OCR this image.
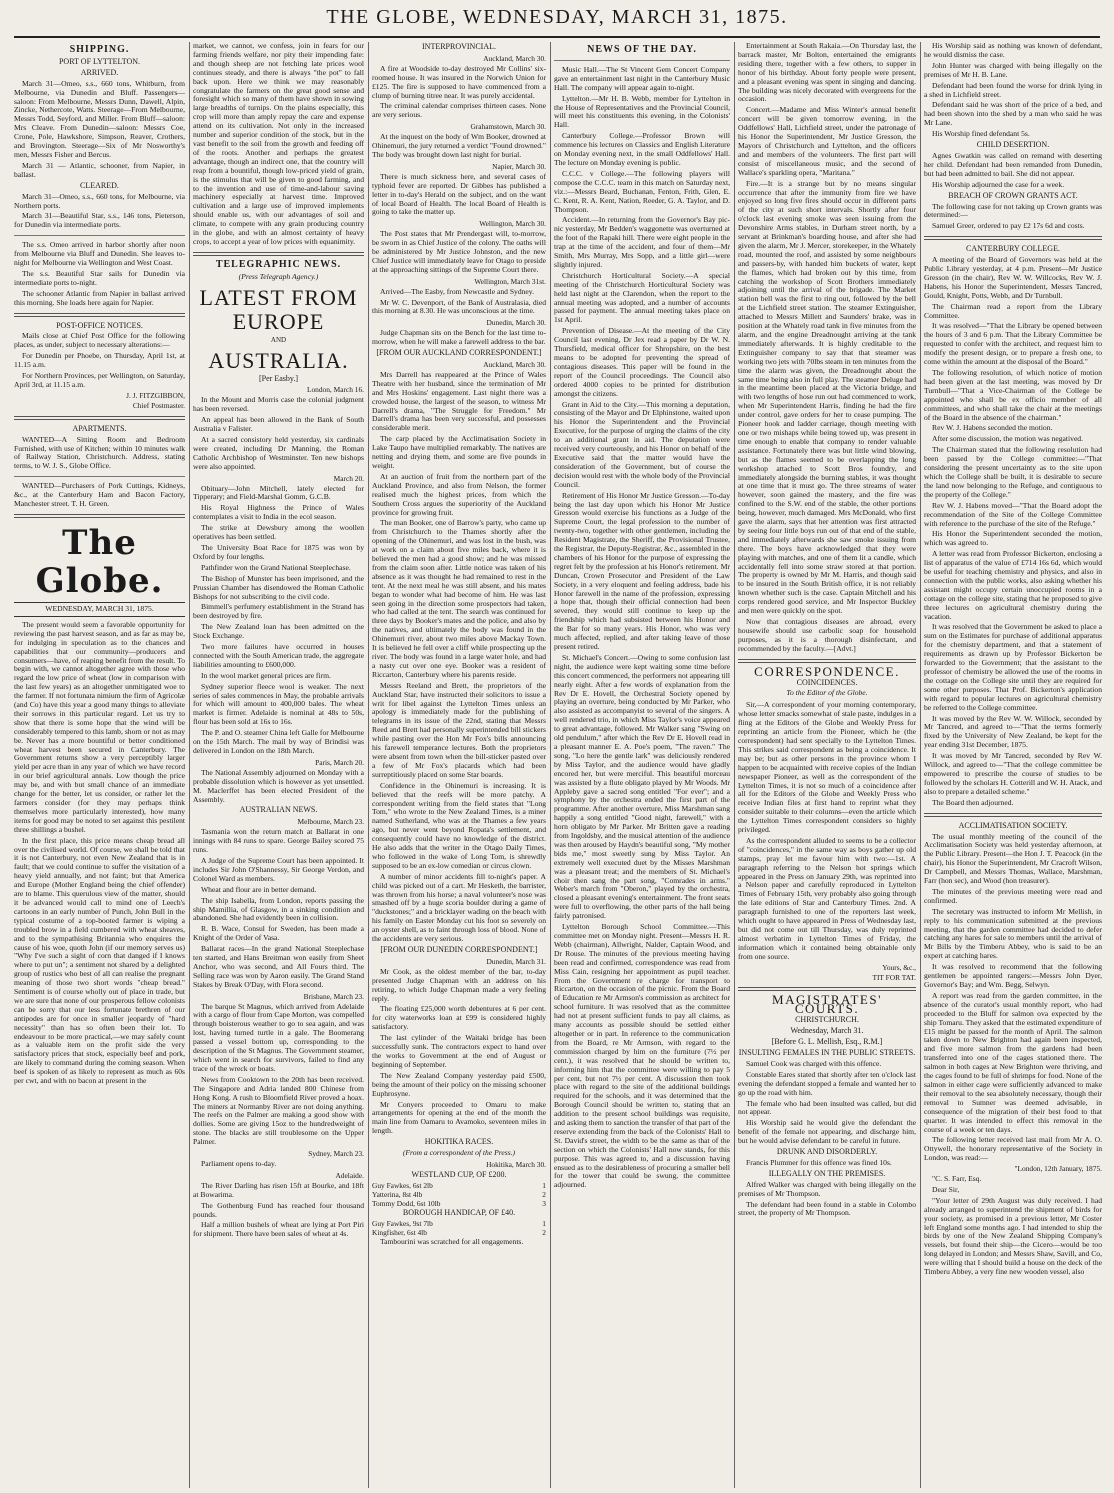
THE GLOBE, WEDNESDAY, MARCH 31, 1875.
SHIPPING.
PORT OF LYTTELTON.
ARRIVED.

March 31—Omeo, s.s., 660 tons, Whitburn, from Melbourne, via Dunedin and Bluff. Passengers—saloon: From Melbourne, Messrs Dunn, Dawell, Alpin, Zincke, Nethercote, Watts. Steerage—From Melbourne, Messrs Todd, Seyford, and Miller. From Bluff—saloon: Mrs Cleave. From Dunedin—saloon: Messrs Coe, Crone, Pole, Hawkshore, Simpson, Reaver, Crothers, and Brovington. Steerage—Six of Mr Nosworthy's men, Messrs Fisher and Bercus.

March 31 — Atlantic, schooner, from Napier, in ballast.

CLEARED.

March 31—Omeo, s.s., 660 tons, for Melbourne, via Northern ports.

March 31—Beautiful Star, s.s., 146 tons, Pieterson, for Dunedin via intermediate ports.

The s.s. Omeo arrived in harbor shortly after noon from Melbourne via Bluff and Dunedin. She leaves to-night for Melbourne via Wellington and West Coast.

The s.s. Beautiful Star sails for Dunedin via intermediate ports to-night.

The schooner Atlantic from Napier in ballast arrived this morning. She loads here again for Napier.

POST-OFFICE NOTICES.

Mails close at Chief Post Office for the following places, as under, subject to necessary alterations:—

For Dunedin per Phoebe, on Thursday, April 1st, at 11.15 a.m.

For Northern Provinces, per Wellington, on Saturday, April 3rd, at 11.15 a.m.

J. J. FITZGIBBON,
Chief Postmaster.
APARTMENTS.

WANTED—A Sitting Room and Bedroom Furnished, with use of Kitchen; within 10 minutes walk of Railway Station, Christchurch. Address, stating terms, to W. J. S., Globe Office.

WANTED—Purchasers of Pork Cuttings, Kidneys, &c., at the Canterbury Ham and Bacon Factory, Manchester street. T. H. Green.

The Globe.
WEDNESDAY, MARCH 31, 1875.

The present would seem a favorable opportunity for reviewing the past harvest season, and as far as may be, for indulging in speculation as to the chances and capabilities that our community—producers and consumers—have, of reaping benefit from the result. To begin with, we cannot altogether agree with those who regard the low price of wheat (low in comparison with the last few years) as an altogether unmitigated woe to the farmer. If not fortunata nimium the firm of Agricolæ (and Co) have this year a good many things to alleviate their sorrows in this particular regard. Let us try to show that there is some hope that the wind will be considerably tempered to this lamb, shorn or not as may be. Never has a more bountiful or better conditioned wheat harvest been secured in Canterbury. The Government returns show a very perceptibly larger yield per acre than in any year of which we have record in our brief agricultural annals. Low though the price may be, and with but small chance of an immediate change for the better, let us consider, or rather let the farmers consider (for they may perhaps think themselves more particularly interested), how many items for good may be noted to set against this pestilent three shillings a bushel.

In the first place, this price means cheap bread all over the civilised world. Of course, we shall be told that it is not Canterbury, not even New Zealand that is in fault; that we could continue to suffer the visitation of a heavy yield annually, and not faint; but that America and Europe (Mother England being the chief offender) are to blame. This querulous view of the matter, should it be advanced would call to mind one of Leech's cartoons in an early number of Punch, John Bull in the typical costume of a top-booted farmer is wiping a troubled brow in a field cumbered with wheat sheaves, and to the sympathising Britannia who enquires the cause of his woe, quoth John (if our memory serves us) "Why I've such a sight of corn that danged if I knows where to put un"; a sentiment not shared by a delighted group of rustics who best of all can realise the pregnant meaning of those two short words "cheap bread." Sentiment is of course wholly out of place in trade, but we are sure that none of our prosperous fellow colonists can be sorry that our less fortunate brethren of our antipodes are for once in smaller jeopardy of "hard necessity" than has so often been their lot. To endeavour to be more practical,—we may safely count as a valuable item on the profit side the very satisfactory prices that stock, especially beef and pork, are likely to command during the coming season. When beef is spoken of as likely to represent as much as 60s per cwt, and with no bacon at present in the

market, we cannot, we confess, join in fears for our farming friends welfare, nor pity their impending fate: and though sheep are not fetching late prices wool continues steady, and there is always "the pot" to fall back upon. Here we think we may reasonably congratulate the farmers on the great good sense and foresight which so many of them have shown in sowing large breadths of turnips. On the plains especially, this crop will more than amply repay the care and expense attend on its cultivation. Not only in the increased number and superior condition of the stock, but in the vast benefit to the soil from the growth and feeding off of the roots. Another and perhaps the greatest advantage, though an indirect one, that the country will reap from a bountiful, though low-priced yield of grain, is the stimulus that will be given to good farming, and to the invention and use of time-and-labour saving machinery especially at harvest time. Improved cultivation and a large use of improved implements should enable us, with our advantages of soil and climate, to compete with any grain producing country in the globe, and with an almost certainty of heavy crops, to accept a year of low prices with equanimity.

TELEGRAPHIC NEWS.
(Press Telegraph Agency.)
LATEST FROM EUROPE
AND
AUSTRALIA.
[Per Easby.]
London, March 16.

In the Mount and Morris case the colonial judgment has been reversed.

An appeal has been allowed in the Bank of South Australia v Falister.

At a sacred consistory held yesterday, six cardinals were created, including Dr Manning, the Roman Catholic Archbishop of Westminster. Ten new bishops were also appointed.

March 20.

Obituary—John Mitchell, lately elected for Tipperary; and Field-Marshal Gomm, G.C.B.

His Royal Highness the Prince of Wales contemplates a visit to India in the ecol season.

The strike at Dewsbury among the woollen operatives has been settled.

The University Boat Race for 1875 was won by Oxford by four lengths.

Pathfinder won the Grand National Steeplechase.

The Bishop of Munster has been imprisoned, and the Prussian Chamber has disendowed the Roman Catholic Bishops for not subscribing to the civil code.

Bimmell's perfumery establishment in the Strand has been destroyed by fire.

The New Zealand loan has been admitted on the Stock Exchange.

Two more failures have occurred in houses connected with the South American trade, the aggregate liabilities amounting to £600,000.

In the wool market general prices are firm.

Sydney superior fleece wool is weaker. The next series of sales commences in May, the probable arrivals for which will amount to 400,000 bales. The wheat market is firmer. Adelaide is nominal at 48s to 50s, flour has been sold at 16s to 16s.

The P. and O. steamer China left Galle for Melbourne on the 15th March. The mail by way of Brindisi was delivered in London on the 18th March.

Paris, March 20.

The National Assembly adjourned on Monday with a probable dissolution which is however as yet unsettled. M. Maclerffet has been elected President of the Assembly.

AUSTRALIAN NEWS.
Melbourne, March 23.

Tasmania won the return match at Ballarat in one innings with 84 runs to spare. George Bailey scored 75 runs.

A Judge of the Supreme Court has been appointed. It includes Sir John O'Shannessy, Sir George Verdon, and Colonel Ward as members.

Wheat and flour are in better demand.

The ship Isabella, from London, reports passing the ship Mamillia, of Glasgow, in a sinking condition and abandoned. She had evidently been in collision.

R. B. Wace, Consul for Sweden, has been made a Knight of the Order of Vasa.

Ballarat races—In the grand National Steeplechase ten started, and Hans Breitman won easily from Sheet Anchor, who was second, and All Fours third. The Selling race was won by Aaron easily. The Grand Stand Stakes by Break O'Day, with Flora second.

Brisbane, March 23.

The barque St Magnus, which arrived from Adelaide with a cargo of flour from Cape Morton, was compelled through boisterous weather to go to sea again, and was lost, having turned turtle in a gale. The Boomerang passed a vessel bottom up, corresponding to the description of the St Magnus. The Government steamer, which went in search for survivors, failed to find any trace of the wreck or boats.

News from Cooktown to the 20th has been received. The Singapore and Adria landed 800 Chinese from Hong Kong. A rush to Bloomfield River proved a hoax. The miners at Normanby River are not doing anything. The reefs on the Palmer are making a good show with dollies. Some are giving 15oz to the hundredweight of stone. The blacks are still troublesome on the Upper Palmer.

Sydney, March 23.

Parliament opens to-day.

Adelaide.

The River Darling has risen 15ft at Bourke, and 18ft at Bowarima.

The Gothenburg Fund has reached four thousand pounds.

Half a million bushels of wheat are lying at Port Piri for shipment. There have been sales of wheat at 4s.

INTERPROVINCIAL.
Auckland, March 30.

A fire at Woodside to-day destroyed Mr Collins' six-roomed house. It was insured in the Norwich Union for £125. The fire is supposed to have commenced from a clump of burning titree near. It was purely accidental.

The criminal calendar comprises thirteen cases. None are very serious.

Grahamstown, March 30.

At the inquest on the body of Wm Booker, drowned at Ohinemuri, the jury returned a verdict "Found drowned." The body was brought down last night for burial.

Napier, March 30.

There is much sickness here, and several cases of typhoid fever are reported. Dr Gibbes has published a letter in to-day's Herald on the subject, and on the want of local Board of Health. The local Board of Health is going to take the matter up.

Wellington, March 30.

The Post states that Mr Prendergast will, to-morrow, be sworn in as Chief Justice of the colony. The oaths will be administered by Mr Justice Johnston, and the new Chief Justice will immediately leave for Otago to preside at the approaching sittings of the Supreme Court there.

Wellington, March 31st.

Arrived—The Easby, from Newcastle and Sydney.

Mr W. C. Devenport, of the Bank of Australasia, died this morning at 8.30. He was unconscious at the time.

Dunedin, March 30.

Judge Chapman sits on the Bench for the last time to-morrow, when he will make a farewell address to the bar.

[FROM OUR AUCKLAND CORRESPONDENT.]
Auckland, March 30.

Mrs Darrell has reappeared at the Prince of Wales Theatre with her husband, since the termination of Mr and Mrs Hoskins' engagement. Last night there was a crowded house, the largest of the season, to witness Mr Darrell's drama, "The Struggle for Freedom." Mr Darrell's drama has been very successful, and possesses considerable merit.

The carp placed by the Acclimatisation Society in Lake Taupo have multiplied remarkably. The natives are netting and drying them, and some are five pounds in weight.

At an auction of fruit from the northern part of the Auckland Province, and also from Nelson, the former realised much the highest prices, from which the Southern Cross argues the superiority of the Auckland province for growing fruit.

The man Booker, one of Barrow's party, who came up from Christchurch to the Thames shortly after the opening of the Ohinemuri, and was lost in the bush, was at work on a claim about five miles back, where it is believed the men had a good show; and he was missed from the claim soon after. Little notice was taken of his absence as it was thought he had remained to rest in the tent. At the next meal he was still absent, and his mates began to wonder what had become of him. He was last seen going in the direction some prospectors had taken, who had called at the tent. The search was continued for three days by Booker's mates and the police, and also by the natives, and ultimately the body was found in the Ohinemuri river, about two miles above Mackay Town. It is believed he fell over a cliff while prospecting up the river. The body was found in a large water hole, and had a nasty cut over one eye. Booker was a resident of Riccarton, Canterbury where his parents reside.

Messrs Reeland and Brett, the proprietors of the Auckland Star, have instructed their solicitors to issue a writ for libel against the Lyttelton Times unless an apology is immediately made for the publishing of telegrams in its issue of the 22nd, stating that Messrs Reed and Brett had personally superintended bill stickers while pasting over the Hon Mr Fox's bills announcing his farewell temperance lectures. Both the proprietors were absent from town when the bill-sticker pasted over a few of Mr Fox's placards which had been surreptitiously placed on some Star boards.

Confidence in the Ohinemuri is increasing. It is believed that the reefs will be more patchy. A correspondent writing from the field states that "Long Tom," who wrote to the New Zealand Times, is a miner named Sutherland, who was at the Thames a few years ago, but never went beyond Ropata's settlement, and consequently could have no knowledge of the district. He also adds that the writer in the Otago Daily Times, who followed in the wake of Long Tom, is shrewdly supposed to be an ex-low comedian or circus clown.

A number of minor accidents fill to-night's paper. A child was picked out of a cart. Mr Hesketh, the barrister, was thrown from his horse; a naval volunteer's nose was smashed off by a huge scoria boulder during a game of "duckstones;" and a bricklayer wading on the beach with his family on Easter Monday cut his foot so severely on an oyster shell, as to faint through loss of blood. None of the accidents are very serious.

[FROM OUR DUNEDIN CORRESPONDENT.]
Dunedin, March 31.

Mr Cook, as the oldest member of the bar, to-day presented Judge Chapman with an address on his retiring, to which Judge Chapman made a very feeling reply.

The floating £25,000 worth debentures at 6 per cent. for city waterworks loan at £99 is considered highly satisfactory.

The last cylinder of the Waitaki bridge has been successfully sunk. The contractors expect to hand over the works to Government at the end of August or beginning of September.

The New Zealand Company yesterday paid £500, being the amount of their policy on the missing schooner Euphrosyne.

Mr Conyers proceeded to Omaru to make arrangements for opening at the end of the month the main line from Oamaru to Avamoko, seventeen miles in length.

HOKITIKA RACES.
(From a correspondent of the Press.)
Hokitika, March 30.
WESTLAND CUP, OF £200.
Guy Fawkes, 6st 2lb	1
Yatterina, 8st 4lb	2
Tommy Dodd, 6st 10lb	3
BOROUGH HANDICAP, OF £40.
Guy Fawkes, 9st 7lb	1
Kingfisher, 6st 4lb	2

Tambourini was scratched for all engagements.

NEWS OF THE DAY.

Music Hall.—The St Vincent Gem Concert Company gave an entertainment last night in the Canterbury Music Hall. The company will appear again to-night.

Lyttelton.—Mr H. B. Webb, member for Lyttelton in the House of Representatives and the Provincial Council, will meet his constituents this evening, in the Colonists' Hall.

Canterbury College.—Professor Brown will commence his lectures on Classics and English Literature on Monday evening next, in the small Oddfellows' Hall. The lecture on Monday evening is public.

C.C.C. v College.—The following players will compose the C.C.C. team in this match on Saturday next, viz.:—Messrs Beard, Buchanan, Fenton, Frith, Glen, E. C. Kent, R. A. Kent, Nation, Reeder, G. A. Taylor, and D. Thompson.

Accident.—In returning from the Governor's Bay pic-nic yesterday, Mr Bedden's waggonette was overturned at the foot of the Rapaki hill. There were eight people in the trap at the time of the accident, and four of them—Mr Smith, Mrs Murray, Mrs Sopp, and a little girl—were slightly injured.

Christchurch Horticultural Society.—A special meeting of the Christchurch Horticultural Society was held last night at the Clarendon, when the report to the annual meeting was adopted, and a number of accounts passed for payment. The annual meeting takes place on 1st April.

Prevention of Disease.—At the meeting of the City Council last evening, Dr Jex read a paper by Dr W. N. Thursfield, medical officer for Shropshire, on the best means to be adopted for preventing the spread of contagious diseases. This paper will be found in the report of the Council proceedings. The Council also ordered 4000 copies to be printed for distribution amongst the citizens.

Grant in Aid to the City.—This morning a deputation, consisting of the Mayor and Dr Elphinstone, waited upon his Honor the Superintendent and the Provincial Executive, for the purpose of urging the claims of the city to an additional grant in aid. The deputation were received very courteously, and his Honor on behalf of the Executive said that the matter would have the consideration of the Government, but of course the decision would rest with the whole body of the Provincial Council.

Retirement of His Honor Mr Justice Gresson.—To-day being the last day upon which his Honor Mr Justice Gresson would exercise his functions as a Judge of the Supreme Court, the legal profession to the number of twenty-two, together with other gentlemen, including the Resident Magistrate, the Sheriff, the Provisional Trustee, the Registrar, the Deputy-Registrar, &c., assembled in the chambers of his Honor for the purpose of expressing the regret felt by the profession at his Honor's retirement. Mr Duncan, Crown Prosecutor and President of the Law Society, in a very eloquent and feeling address, bade his Honor farewell in the name of the profession, expressing a hope that, though their official connection had been severed, they would still continue to keep up the friendship which had subsisted between his Honor and the Bar for so many years. His Honor, who was very much affected, replied, and after taking leave of those present retired.

St. Michael's Concert.—Owing to some confusion last night, the audience were kept waiting some time before this concert commenced, the performers not appearing till nearly eight. After a few words of explanation from the Rev Dr E. Hovell, the Orchestral Society opened by playing an overture, being conducted by Mr Parker, who also assisted as accompanyist to several of the singers. A well rendered trio, in which Miss Taylor's voice appeared to great advantage, followed. Mr Walker sang "Swing on old pendulum," after which the Rev Dr E. Hovell read in a pleasant manner E. A. Poe's poem, "The raven." The song, "Lo here the gentle lark" was deliciously rendered by Miss Taylor, and the audience would have gladly encored her, but were merciful. This beautiful morceau was assisted by a flute obligato played by Mr Woods. Mr Appleby gave a sacred song entitled "For ever"; and a symphony by the orchestra ended the first part of the programme. After another overture, Miss Marshman sang happily a song entitled "Good night, farewell," with a horn obligato by Mr Parker. Mr Britten gave a reading from Ingoldsby, and the musical attention of the audience was then aroused by Haydn's beautiful song, "My mother bids me," most sweetly sung by Miss Taylor. An extremely well executed duet by the Misses Marshman was a pleasant treat; and the members of St. Michael's choir then sang the part song, "Comrades in arms." Weber's march from "Oberon," played by the orchestra, closed a pleasant evening's entertainment. The front seats were full to overflowing, the other parts of the hall being fairly patronised.

Lyttelton Borough School Committee.—This committee met on Monday night. Present—Messrs H. R. Webb (chairman), Allwright, Nalder, Captain Wood, and Dr Rouse. The minutes of the previous meeting having been read and confirmed, correspondence was read from Miss Cain, resigning her appointment as pupil teacher. From the Government re charge for transport to Riccarton, on the occasion of the picnic. From the Board of Education re Mr Armson's commission as architect for school furniture. It was resolved that as the committee had not at present sufficient funds to pay all claims, as many accounts as possible should be settled either altogether or in part. In reference to the communication from the Board, re Mr Armson, with regard to the commission charged by him on the furniture (7½ per cent.), it was resolved that he should be written to, informing him that the committee were willing to pay 5 per cent, but not 7½ per cent. A discussion then took place with regard to the site of the additional buildings required for the schools, and it was determined that the Borough Council should be written to, stating that an addition to the present school buildings was requisite, and asking them to sanction the transfer of that part of the reserve extending from the back of the Colonists' Hall to St. David's street, the width to be the same as that of the section on which the Colonists' Hall now stands, for this purpose. This was agreed to, and a discussion having ensued as to the desirableness of procuring a smaller bell for the tower that could be swung, the committee adjourned.

Entertainment at South Rakaia.—On Thursday last, the barrack master, Mr Bolton, entertained the emigrants residing there, together with a few others, to supper in honor of his birthday. About forty people were present, and a pleasant evening was spent in singing and dancing. The building was nicely decorated with evergreens for the occasion.

Concert.—Madame and Miss Winter's annual benefit concert will be given tomorrow evening, in the Oddfellows' Hall, Lichfield street, under the patronage of his Honor the Superintendent, Mr Justice Gresson, the Mayors of Christchurch and Lyttelton, and the officers and and members of the volunteers. The first part will consist of miscellaneous music, and the second of Wallace's sparkling opera, "Maritana."

Fire.—It is a strange but by no means singular occurrence that after the immunity from fire we have enjoyed so long five fires should occur in different parts of the city at such short intervals. Shortly after four o'clock last evening smoke was seen issuing from the Devonshire Arms stables, in Durham street north, by a servant at Brinkman's boarding house, and after she had given the alarm, Mr J. Mercer, storekeeper, in the Whately road, mounted the roof, and assisted by some neighbours and passers-by, with handed him buckets of water, kept the flames, which had broken out by this time, from catching the workshop of Scott Brothers immediately adjoining until the arrival of the brigade. The Market station bell was the first to ring out, followed by the bell at the Lichfield street station. The steamer Extinguisher, attached to Messrs Millett and Saunders' brake, was in position at the Whately road tank in five minutes from the alarm, and the engine Dreadnought arriving at the tank immediately afterwards. It is highly creditable to the Extinguisher company to say that that steamer was working two jets with 70lbs steam in ten minutes from the time the alarm was given, the Dreadnought about the same time being also in full play. The steamer Deluge had in the meantime been placed at the Victoria bridge, and with two lengths of hose run out had commenced to work, when Mr Superintendent Harris, finding he had the fire under control, gave orders for her to cease pumping. The Pioneer hook and ladder carriage, though meeting with one or two mishaps while being towed up, was present in time enough to enable that company to render valuable assistance. Fortunately there was but little wind blowing, but as the flames seemed to be overlapping the long workshop attached to Scott Bros foundry, and immediately alongside the burning stables, it was thought at one time that it must go. The three streams of water however, soon gained the mastery, and the fire was confined to the S.W. end of the stable, the other portions being, however, much damaged. Mrs McDonald, who first gave the alarm, says that her attention was first attracted by seeing four little boys run out of that end of the stable, and immediately afterwards she saw smoke issuing from there. The boys have acknowledged that they were playing with matches, and one of them lit a candle, which accidentally fell into some straw stored at that portion. The property is owned by Mr M. Harris, and though said to be insured in the South British office, it is not reliably known whether such is the case. Captain Mitchell and his corps rendered good service, and Mr Inspector Buckley and men were quickly on the spot.

Now that contagious diseases are abroad, every housewife should use carbolic soap for household purposes, as it is a thorough disinfectant, and recommended by the faculty.—[Advt.]

CORRESPONDENCE.
COINCIDENCES.
To the Editor of the Globe.

Sir,—A correspondent of your morning contemporary, whose letter smacks somewhat of stale paste, indulges in a fling at the Editors of the Globe and Weekly Press for reprinting an article from the Pioneer, which he (the correspondent) had sent specially to the Lyttelton Times. This strikes said correspondent as being a coincidence. It may be; but as other persons in the province whom I happen to be acquainted with receive copies of the Indian newspaper Pioneer, as well as the correspondent of the Lyttelton Times, it is not so much of a coincidence after all for the Editors of the Globe and Weekly Press who receive Indian files at first hand to reprint what they consider suitable to their columns—even the article which the Lyttelton Times correspondent considers so highly privileged.

As the correspondent alluded to seems to be a collector of "coincidences," in the same way as boys gather up old stamps, pray let me favour him with two:—1st. A paragraph referring to the Nelson hot springs which appeared in the Press on January 29th, was reprinted into a Nelson paper and carefully reproduced in Lyttelton Times of February 15th, very probably also going through the late editions of Star and Canterbury Times. 2nd. A paragraph furnished to one of the reporters last week, which ought to have appeared in Press of Wednesday last, but did not come out till Thursday, was duly reprinted almost verbatim in Lyttelton Times of Friday, the information which it contained being obtainable only from one source.

Yours, &c.,
TIT FOR TAT.
MAGISTRATES' COURTS.
CHRISTCHURCH.
Wednesday, March 31.
[Before G. L. Mellish, Esq., R.M.]
INSULTING FEMALES IN THE PUBLIC STREETS.

Samuel Cook was charged with this offence.

Constable Eares stated that shortly after ten o'clock last evening the defendant stopped a female and wanted her to go up the road with him.

The female who had been insulted was called, but did not appear.

His Worship said he would give the defendant the benefit of the female not appearing, and discharge him, but he would advise defendant to be careful in future.

DRUNK AND DISORDERLY.

Francis Plummer for this offence was fined 10s.

ILLEGALLY ON THE PREMISES.

Alfred Walker was charged with being illegally on the premises of Mr Thompson.

The defendant had been found in a stable in Colombo street, the property of Mr Thompson.

His Worship said as nothing was known of defendant, he would dismiss the case.

John Hunter was charged with being illegally on the premises of Mr H. B. Lane.

Defendant had been found the worse for drink lying in a shed in Lichfield street.

Defendant said he was short of the price of a bed, and had been shown into the shed by a man who said he was Mr Lane.

His Worship fined defendant 5s.

CHILD DESERTION.

Agnes Gwatkin was called on remand with deserting her child. Defendant had been remanded from Dunedin, but had been admitted to bail. She did not appear.

His Worship adjourned the case for a week.

BREACH OF CROWN GRANTS ACT.

The following case for not taking up Crown grants was determined:—

Samuel Greer, ordered to pay £2 17s 6d and costs.

CANTERBURY COLLEGE.

A meeting of the Board of Governors was held at the Public Library yesterday, at 4 p.m. Present—Mr Justice Gresson (in the chair), Rev W. W. Willcocks, Rev W. J. Habens, his Honor the Superintendent, Messrs Tancred, Gould, Knight, Potts, Webb, and Dr Turnbull.

The Chairman read a report from the Library Committee.

It was resolved—"That the Library be opened between the hours of 3 and 6 p.m. That the Library Committee be requested to confer with the architect, and request him to modify the present design, or to prepare a fresh one, to come within the amount at the disposal of the Board."

The following resolution, of which notice of motion had been given at the last meeting, was moved by Dr Turnbull—"That a Vice-Chairman of the College be appointed who shall be ex officio member of all committees, and who shall take the chair at the meetings of the Board in the absence of the chairman."

Rev W. J. Habens seconded the motion.

After some discussion, the motion was negatived.

The Chairman stated that the following resolution had been passed by the College committee:—"That considering the present uncertainty as to the site upon which the College shall be built, it is desirable to secure the land now belonging to the Refuge, and contiguous to the property of the College."

Rev W. J. Habens moved—"That the Board adopt the recommendation of the Site of the College Committee with reference to the purchase of the site of the Refuge."

His Honor the Superintendent seconded the motion, which was agreed to.

A letter was read from Professor Bickerton, enclosing a list of apparatus of the value of £714 16s 6d, which would be useful for teaching chemistry and physics, and also in connection with the public works, also asking whether his assistant might occupy certain unoccupied rooms in a cottage on the college site, stating that he proposed to give three lectures on agricultural chemistry during the vacation.

It was resolved that the Government be asked to place a sum on the Estimates for purchase of additional apparatus for the chemistry department, and that a statement of requirements as drawn up by Professor Bickerton be forwarded to the Government; that the assistant to the professor of chemistry be allowed the use of the rooms in the cottage on the College site until they are required for some other purposes. That Prof. Bickerton's application with regard to popular lectures on agricultural chemistry be referred to the College committee.

It was moved by the Rev W. W. Willock, seconded by Mr Tancred, and agreed to—"That the terms formerly fixed by the University of New Zealand, be kept for the year ending 31st December, 1875.

It was moved by Mr Tancred, seconded by Rev W. Willock, and agreed to—"That the college committee be empowered to prescribe the course of studies to be followed by the scholars H. Cotterill and W. H. Atack, and also to prepare a detailed scheme."

The Board then adjourned.

ACCLIMATISATION SOCIETY.

The usual monthly meeting of the council of the Acclimatisation Society was held yesterday afternoon, at the Public Library. Present—the Hon J. T. Peacock (in the chair), his Honor the Superintendent, Mr Cracroft Wilson, Dr Campbell, and Messrs Thomas, Wallace, Marshman, Farr (hon sec), and Wood (hon treasurer).

The minutes of the previous meeting were read and confirmed.

The secretary was instructed to inform Mr Mellish, in reply to his communication submitted at the previous meeting, that the garden committee had decided to defer catching any hares for sale to members until the arrival of Mr Bills by the Timberu Abbey, who is said to be an expert at catching hares.

It was resolved to recommend that the following gentlemen be appointed rangers:—Messrs John Dyer, Governor's Bay; and Wm. Begg, Selwyn.

A report was read from the garden committee, in the absence of the curator's usual monthly report, who had proceeded to the Bluff for salmon ova expected by the ship Tomaru. They asked that the estimated expenditure of £15 might be passed for the month of April. The salmon taken down to New Brighton had again been inspected, and five more salmon from the gardens had been transferred into one of the cages stationed there. The salmon in both cages at New Brighton were thriving, and the cages found to be full of shrimps for food. None of the salmon in either cage were sufficiently advanced to make their removal to the sea absolutely necessary, though their removal to Sumner was deemed advisable, in consequence of the migration of their best food to that quarter. It was intended to effect this removal in the course of a week or ten days.

The following letter received last mail from Mr A. O. Ottywell, the honorary representative of the Society in London, was read:—

"London, 12th January, 1875.

"C. S. Farr, Esq.

Dear Sir,

"Your letter of 29th August was duly received. I had already arranged to superintend the shipment of birds for your society, as promised in a previous letter, Mr Coster left England some months ago. I had intended to ship the birds by one of the New Zealand Shipping Company's vessels, but found their ship—the Cicero—would be too long delayed in London; and Messrs Shaw, Savill, and Co, were willing that I should build a house on the deck of the Timberu Abbey, a very fine new wooden vessel, also
